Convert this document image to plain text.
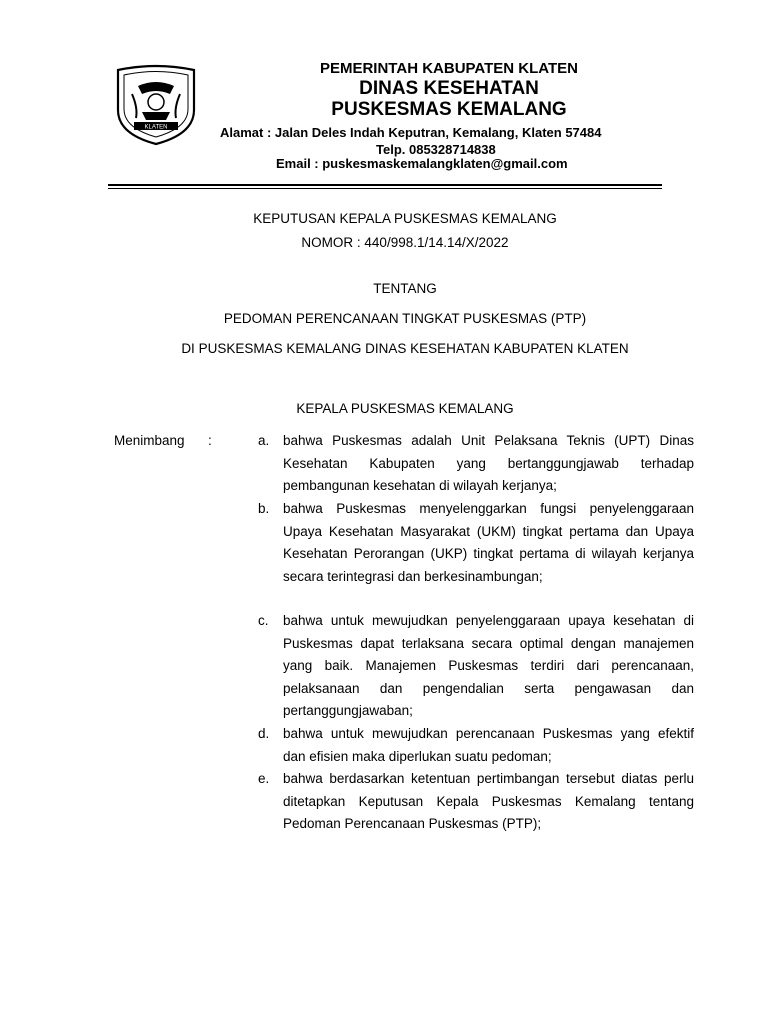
KLATEN
PEMERINTAH KABUPATEN KLATEN
DINAS KESEHATAN
PUSKESMAS KEMALANG
Alamat : Jalan Deles Indah Keputran, Kemalang, Klaten 57484
Telp. 085328714838
Email : puskesmaskemalangklaten@gmail.com
KEPUTUSAN KEPALA PUSKESMAS KEMALANG
NOMOR : 440/998.1/14.14/X/2022
TENTANG
PEDOMAN PERENCANAAN TINGKAT PUSKESMAS (PTP)
DI PUSKESMAS KEMALANG DINAS KESEHATAN KABUPATEN KLATEN
KEPALA PUSKESMAS KEMALANG
Menimbang :	a. bahwa Puskesmas adalah Unit Pelaksana Teknis (UPT) Dinas Kesehatan Kabupaten yang bertanggungjawab terhadap pembangunan kesehatan di wilayah kerjanya;
b. bahwa Puskesmas menyelenggarkan fungsi penyelenggaraan Upaya Kesehatan Masyarakat (UKM) tingkat pertama dan Upaya Kesehatan Perorangan (UKP) tingkat pertama di wilayah kerjanya secara terintegrasi dan berkesinambungan;
c. bahwa untuk mewujudkan penyelenggaraan upaya kesehatan di Puskesmas dapat terlaksana secara optimal dengan manajemen yang baik. Manajemen Puskesmas terdiri dari perencanaan, pelaksanaan dan pengendalian serta pengawasan dan pertanggungjawaban;
d. bahwa untuk mewujudkan perencanaan Puskesmas yang efektif dan efisien maka diperlukan suatu pedoman;
e. bahwa berdasarkan ketentuan pertimbangan tersebut diatas perlu ditetapkan Keputusan Kepala Puskesmas Kemalang tentang Pedoman Perencanaan Puskesmas (PTP);
